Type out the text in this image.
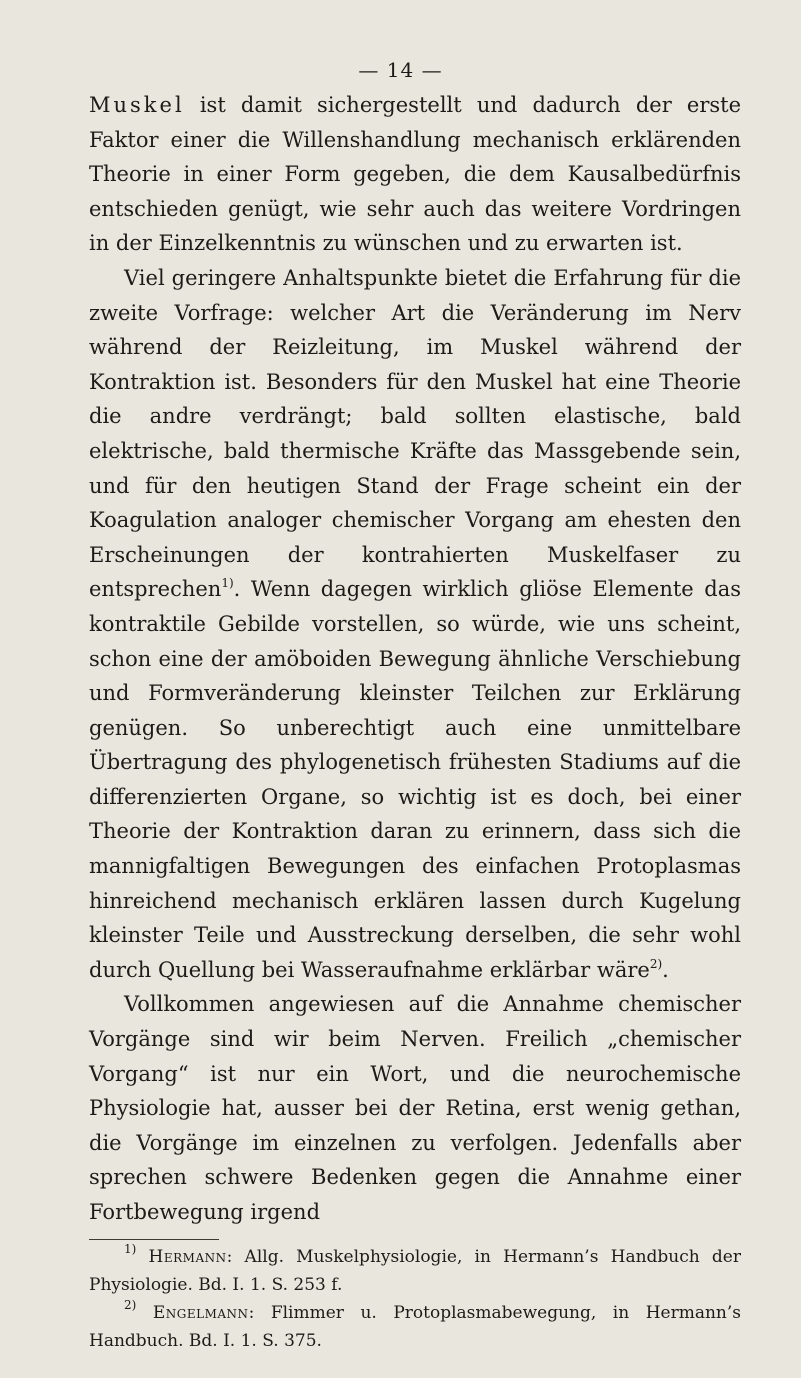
— 14 —

Muskel ist damit sichergestellt und dadurch der erste Faktor einer die Willenshandlung mechanisch erklärenden Theorie in einer Form gegeben, die dem Kausalbedürfnis entschieden genügt, wie sehr auch das weitere Vordringen in der Einzelkenntnis zu wünschen und zu erwarten ist.

Viel geringere Anhaltspunkte bietet die Erfahrung für die zweite Vorfrage: welcher Art die Veränderung im Nerv während der Reizleitung, im Muskel während der Kontraktion ist. Besonders für den Muskel hat eine Theorie die andre verdrängt; bald sollten elastische, bald elektrische, bald thermische Kräfte das Massgebende sein, und für den heutigen Stand der Frage scheint ein der Koagulation analoger chemischer Vorgang am ehesten den Erscheinungen der kontrahierten Muskelfaser zu entsprechen$^{1)}$. Wenn dagegen wirklich gliöse Elemente das kontraktile Gebilde vorstellen, so würde, wie uns scheint, schon eine der amöboiden Bewegung ähnliche Verschiebung und Formveränderung kleinster Teilchen zur Erklärung genügen. So unberechtigt auch eine unmittelbare Übertragung des phylogenetisch frühesten Stadiums auf die differenzierten Organe, so wichtig ist es doch, bei einer Theorie der Kontraktion daran zu erinnern, dass sich die mannigfaltigen Bewegungen des einfachen Protoplasmas hinreichend mechanisch erklären lassen durch Kugelung kleinster Teile und Ausstreckung derselben, die sehr wohl durch Quellung bei Wasseraufnahme erklärbar wäre$^{2)}$.

Vollkommen angewiesen auf die Annahme chemischer Vorgänge sind wir beim Nerven. Freilich „chemischer Vorgang“ ist nur ein Wort, und die neurochemische Physiologie hat, ausser bei der Retina, erst wenig gethan, die Vorgänge im einzelnen zu verfolgen. Jedenfalls aber sprechen schwere Bedenken gegen die Annahme einer Fortbewegung irgend

$^{1)}$ Hermann: Allg. Muskelphysiologie, in Hermann’s Handbuch der Physiologie. Bd. I. 1. S. 253 f.

$^{2)}$ Engelmann: Flimmer u. Protoplasmabewegung, in Hermann’s Handbuch. Bd. I. 1. S. 375.
